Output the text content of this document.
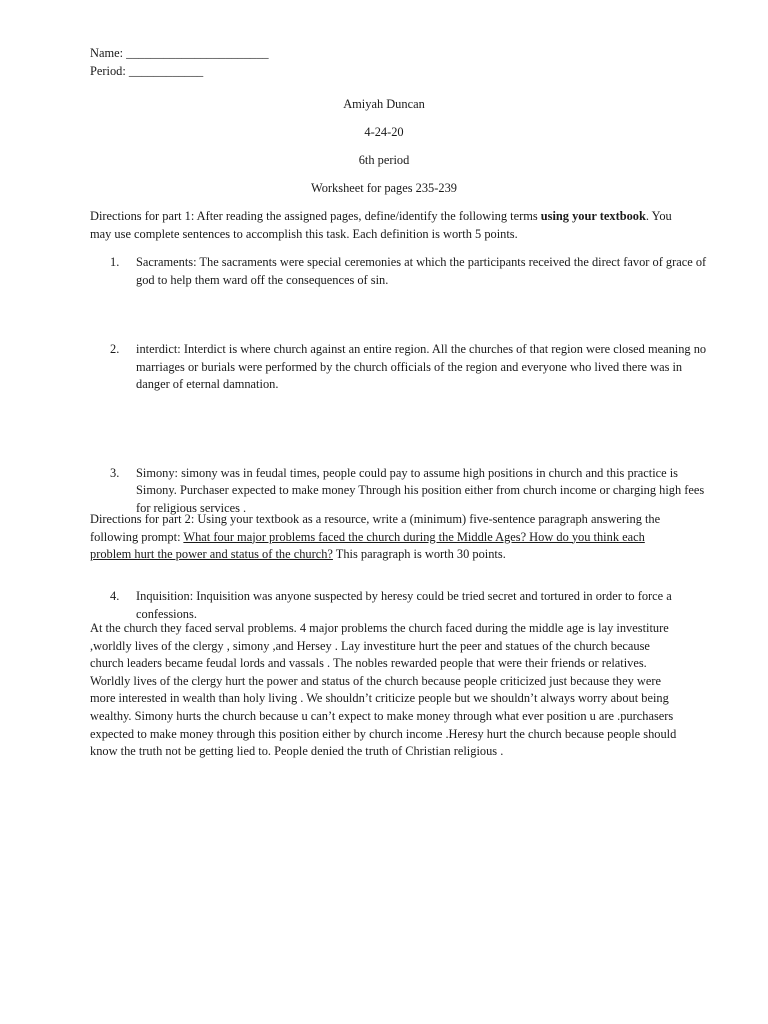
Name: _______________________
Period: ____________
Amiyah Duncan
4-24-20
6th period
Worksheet for pages 235-239
Directions for part 1: After reading the assigned pages, define/identify the following terms using your textbook. You may use complete sentences to accomplish this task. Each definition is worth 5 points.
1. Sacraments: The sacraments were special ceremonies at which the participants received the direct favor of grace of god to help them ward off the consequences of sin.
2. interdict: Interdict is where church against an entire region. All the churches of that region were closed meaning no marriages or burials were performed by the church officials of the region and everyone who lived there was in danger of eternal damnation.
3. Simony: simony was in feudal times, people could pay to assume high positions in church and this practice is Simony. Purchaser expected to make money Through his position either from church income or charging high fees for religious services .
4. Inquisition: Inquisition was anyone suspected by heresy could be tried secret and tortured in order to force a confessions.
Directions for part 2: Using your textbook as a resource, write a (minimum) five-sentence paragraph answering the following prompt: What four major problems faced the church during the Middle Ages? How do you think each problem hurt the power and status of the church? This paragraph is worth 30 points.
At the church they faced serval problems. 4 major problems the church faced during the middle age is lay investiture ,worldly lives of the clergy , simony ,and Hersey . Lay investiture hurt the peer and statues of the church because church leaders became feudal lords and vassals . The nobles rewarded people that were their friends or relatives. Worldly lives of the clergy hurt the power and status of the church because people criticized just because they were more interested in wealth than holy living . We shouldn’t criticize people but we shouldn’t always worry about being wealthy. Simony hurts the church because u can’t expect to make money through what ever position u are .purchasers expected to make money through this position either by church income .Heresy hurt the church because people should know the truth not be getting lied to. People denied the truth of Christian religious .
